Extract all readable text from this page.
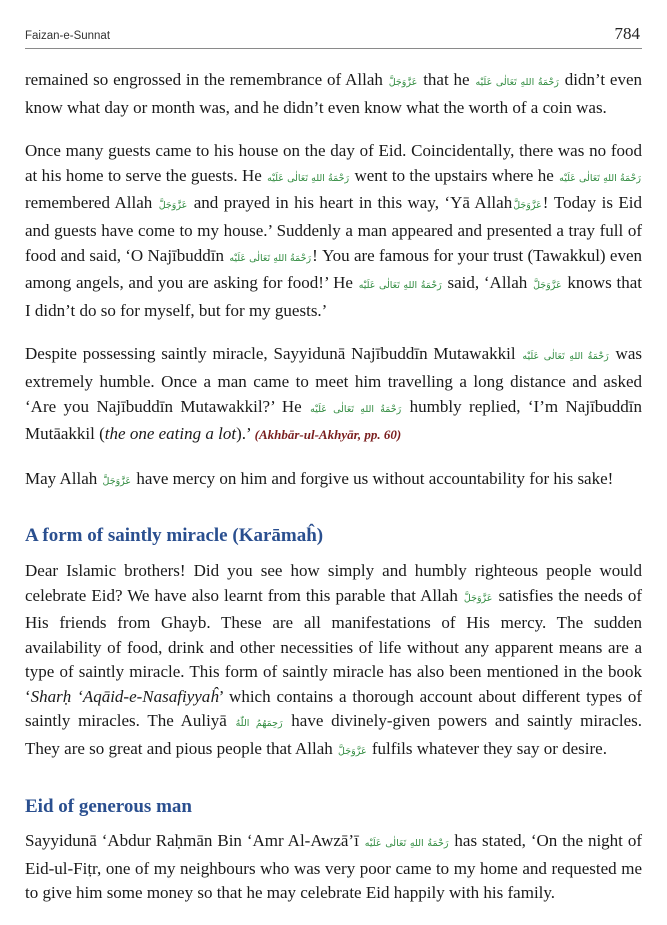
Faizan-e-Sunnat	784

remained so engrossed in the remembrance of Allah عَزَّوَجَلَّ that he رَحْمَةُ اللهِ تَعَالٰى عَلَيْه didn’t even know what day or month was, and he didn’t even know what the worth of a coin was.

Once many guests came to his house on the day of Eid. Coincidentally, there was no food at his home to serve the guests. He رَحْمَةُ اللهِ تَعَالٰى عَلَيْه went to the upstairs where he رَحْمَةُ اللهِ تَعَالٰى عَلَيْه remembered Allah عَزَّوَجَلَّ and prayed in his heart in this way, ‘Yā Allahعَزَّوَجَلَّ! Today is Eid and guests have come to my house.’ Suddenly a man appeared and presented a tray full of food and said, ‘O Najībuddīn رَحْمَةُ اللهِ تَعَالٰى عَلَيْه! You are famous for your trust (Tawakkul) even among angels, and you are asking for food!’ He رَحْمَةُ اللهِ تَعَالٰى عَلَيْه said, ‘Allah عَزَّوَجَلَّ knows that I didn’t do so for myself, but for my guests.’

Despite possessing saintly miracle, Sayyidunā Najībuddīn Mutawakkil رَحْمَةُ اللهِ تَعَالٰى عَلَيْه was extremely humble. Once a man came to meet him travelling a long distance and asked ‘Are you Najībuddīn Mutawakkil?’ He رَحْمَةُ اللهِ تَعَالٰى عَلَيْه humbly replied, ‘I’m Najībuddīn Mutāakkil (the one eating a lot).’ (Akhbār-ul-Akhyār, pp. 60)

May Allah عَزَّوَجَلَّ have mercy on him and forgive us without accountability for his sake!

A form of saintly miracle (Karāmaĥ)

Dear Islamic brothers! Did you see how simply and humbly righteous people would celebrate Eid? We have also learnt from this parable that Allah عَزَّوَجَلَّ satisfies the needs of His friends from Ghayb. These are all manifestations of His mercy. The sudden availability of food, drink and other necessities of life without any apparent means are a type of saintly miracle. This form of saintly miracle has also been mentioned in the book ‘Sharḥ ‘Aqāid-e-Nasafiyyaĥ’ which contains a thorough account about different types of saintly miracles. The Auliyā رَحِمَهُمُ اللّٰهُ have divinely-given powers and saintly miracles. They are so great and pious people that Allah عَزَّوَجَلَّ fulfils whatever they say or desire.

Eid of generous man

Sayyidunā ‘Abdur Raḥmān Bin ‘Amr Al-Awzā’ī رَحْمَةُ اللهِ تَعَالٰى عَلَيْه has stated, ‘On the night of Eid-ul-Fiṭr, one of my neighbours who was very poor came to my home and requested me to give him some money so that he may celebrate Eid happily with his family.
